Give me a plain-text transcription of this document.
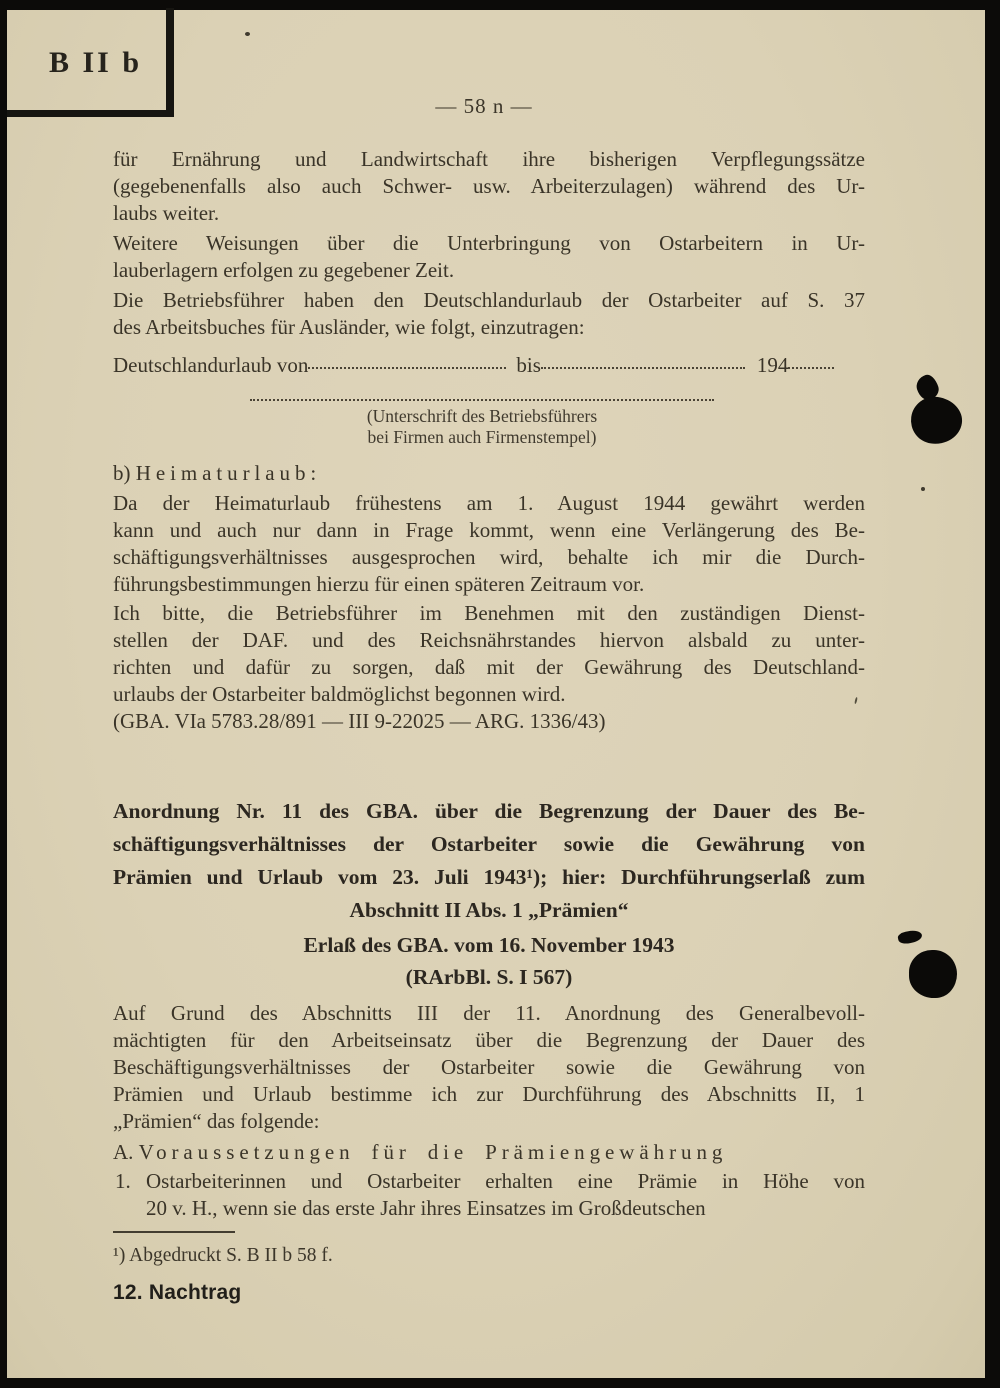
B II b
— 58 n —
für Ernährung und Landwirtschaft ihre bisherigen Verpflegungssätze
(gegebenenfalls also auch Schwer- usw. Arbeiterzulagen) während des Ur-
laubs weiter.
Weitere Weisungen über die Unterbringung von Ostarbeitern in Ur-
lauberlagern erfolgen zu gegebener Zeit.
Die Betriebsführer haben den Deutschlandurlaub der Ostarbeiter auf S. 37
des Arbeitsbuches für Ausländer, wie folgt, einzutragen:
Deutschlandurlaub von	bis	194
(Unterschrift des Betriebsführers
bei Firmen auch Firmenstempel)
b) Heimaturlaub:
Da der Heimaturlaub frühestens am 1. August 1944 gewährt werden
kann und auch nur dann in Frage kommt, wenn eine Verlängerung des Be-
schäftigungsverhältnisses ausgesprochen wird, behalte ich mir die Durch-
führungsbestimmungen hierzu für einen späteren Zeitraum vor.
Ich bitte, die Betriebsführer im Benehmen mit den zuständigen Dienst-
stellen der DAF. und des Reichsnährstandes hiervon alsbald zu unter-
richten und dafür zu sorgen, daß mit der Gewährung des Deutschland-
urlaubs der Ostarbeiter baldmöglichst begonnen wird.
(GBA. VIa 5783.28/891 — III 9-22025 — ARG. 1336/43)
Anordnung Nr. 11 des GBA. über die Begrenzung der Dauer des Be-
schäftigungsverhältnisses der Ostarbeiter sowie die Gewährung von
Prämien und Urlaub vom 23. Juli 1943¹); hier: Durchführungserlaß zum
Abschnitt II Abs. 1 „Prämien“
Erlaß des GBA. vom 16. November 1943
(RArbBl. S. I 567)
Auf Grund des Abschnitts III der 11. Anordnung des Generalbevoll-
mächtigten für den Arbeitseinsatz über die Begrenzung der Dauer des
Beschäftigungsverhältnisses der Ostarbeiter sowie die Gewährung von
Prämien und Urlaub bestimme ich zur Durchführung des Abschnitts II, 1
„Prämien“ das folgende:
A. Voraussetzungen für die Prämiengewährung
1. Ostarbeiterinnen und Ostarbeiter erhalten eine Prämie in Höhe von
20 v. H., wenn sie das erste Jahr ihres Einsatzes im Großdeutschen
¹) Abgedruckt S. B II b 58 f.
12. Nachtrag
